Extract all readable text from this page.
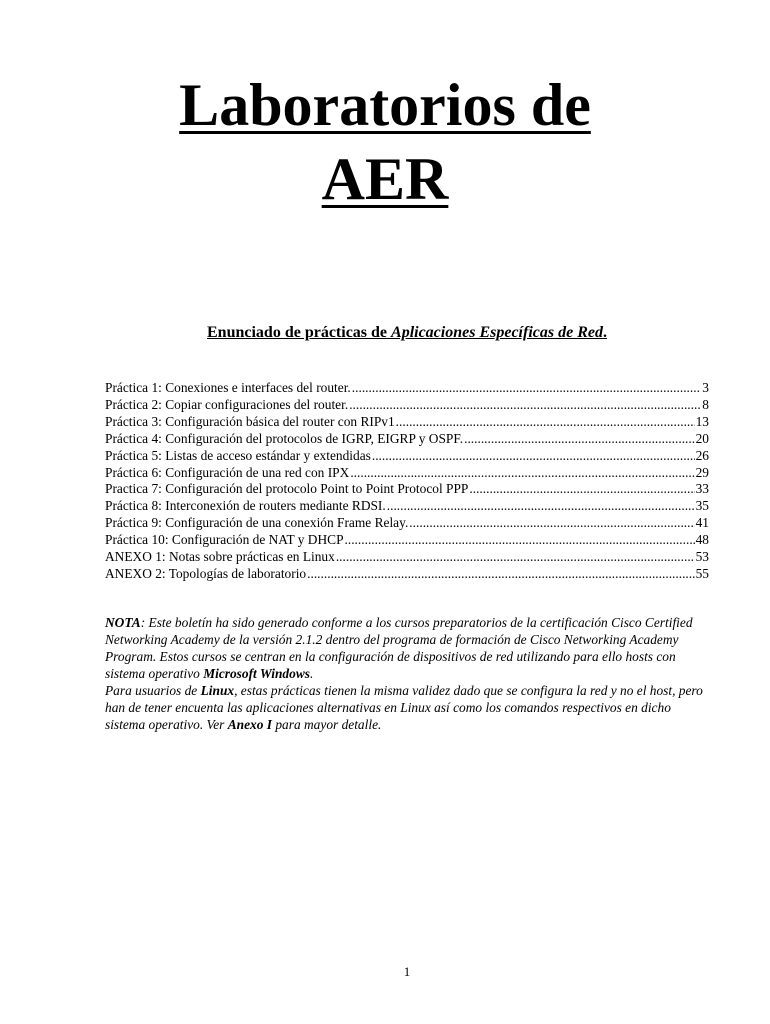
Laboratorios de
AER

Enunciado de prácticas de Aplicaciones Específicas de Red.

Práctica 1: Conexiones e interfaces del router. .....	3
Práctica 2: Copiar configuraciones del router. .....	8
Práctica 3: Configuración básica del router con RIPv1 .....	13
Práctica 4: Configuración del protocolos de IGRP, EIGRP y OSPF. .....	20
Práctica 5: Listas de acceso estándar y extendidas .....	26
Práctica 6: Configuración de una red con IPX .....	29
Practica 7: Configuración del protocolo Point to Point Protocol PPP .....	33
Práctica 8: Interconexión de routers mediante RDSI. .....	35
Práctica 9: Configuración de una conexión Frame Relay. .....	41
Práctica 10: Configuración de NAT y DHCP .....	48
ANEXO 1: Notas sobre prácticas en Linux .....	53
ANEXO 2: Topologías de laboratorio .....	55

NOTA: Este boletín ha sido generado conforme a los cursos preparatorios de la certificación Cisco Certified Networking Academy de la versión 2.1.2 dentro del programa de formación de Cisco Networking Academy Program. Estos cursos se centran en la configuración de dispositivos de red utilizando para ello hosts con sistema operativo Microsoft Windows.
Para usuarios de Linux, estas prácticas tienen la misma validez dado que se configura la red y no el host, pero han de tener encuenta las aplicaciones alternativas en Linux así como los comandos respectivos en dicho sistema operativo. Ver Anexo I para mayor detalle.

1
